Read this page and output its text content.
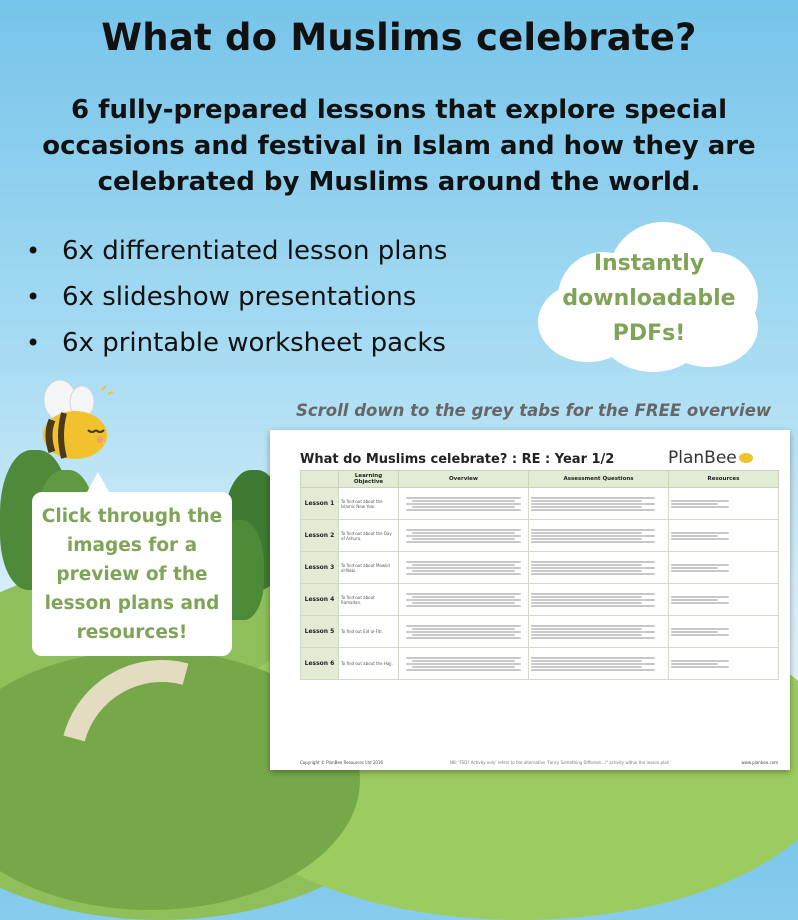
What do Muslims celebrate?
6 fully-prepared lessons that explore special occasions and festival in Islam and how they are celebrated by Muslims around the world.
• 6x differentiated lesson plans
• 6x slideshow presentations
• 6x printable worksheet packs
Instantly
downloadable
PDFs!
Click through the
images for a
preview of the
lesson plans and
resources!
Scroll down to the grey tabs for the FREE overview
What do Muslims celebrate? : RE : Year 1/2	PlanBee
	Learning Objective	Overview	Assessment Questions	Resources
Lesson 1	To find out about the Islamic New Year.	

Lesson 2	To find out about the Day of Ashura.	

Lesson 3	To find out about Mawlid al-Nabi.	

Lesson 4	To find out about Ramadan.	

Lesson 5	To find out Eid al-Fitr.	

Lesson 6	To find out about the Hajj.	

Copyright © PlanBee Resources Ltd 2016	NB: 'FSD? Activity only' refers to the alternative 'Fancy Something Different...?' activity within the lesson plan	www.planbee.com
